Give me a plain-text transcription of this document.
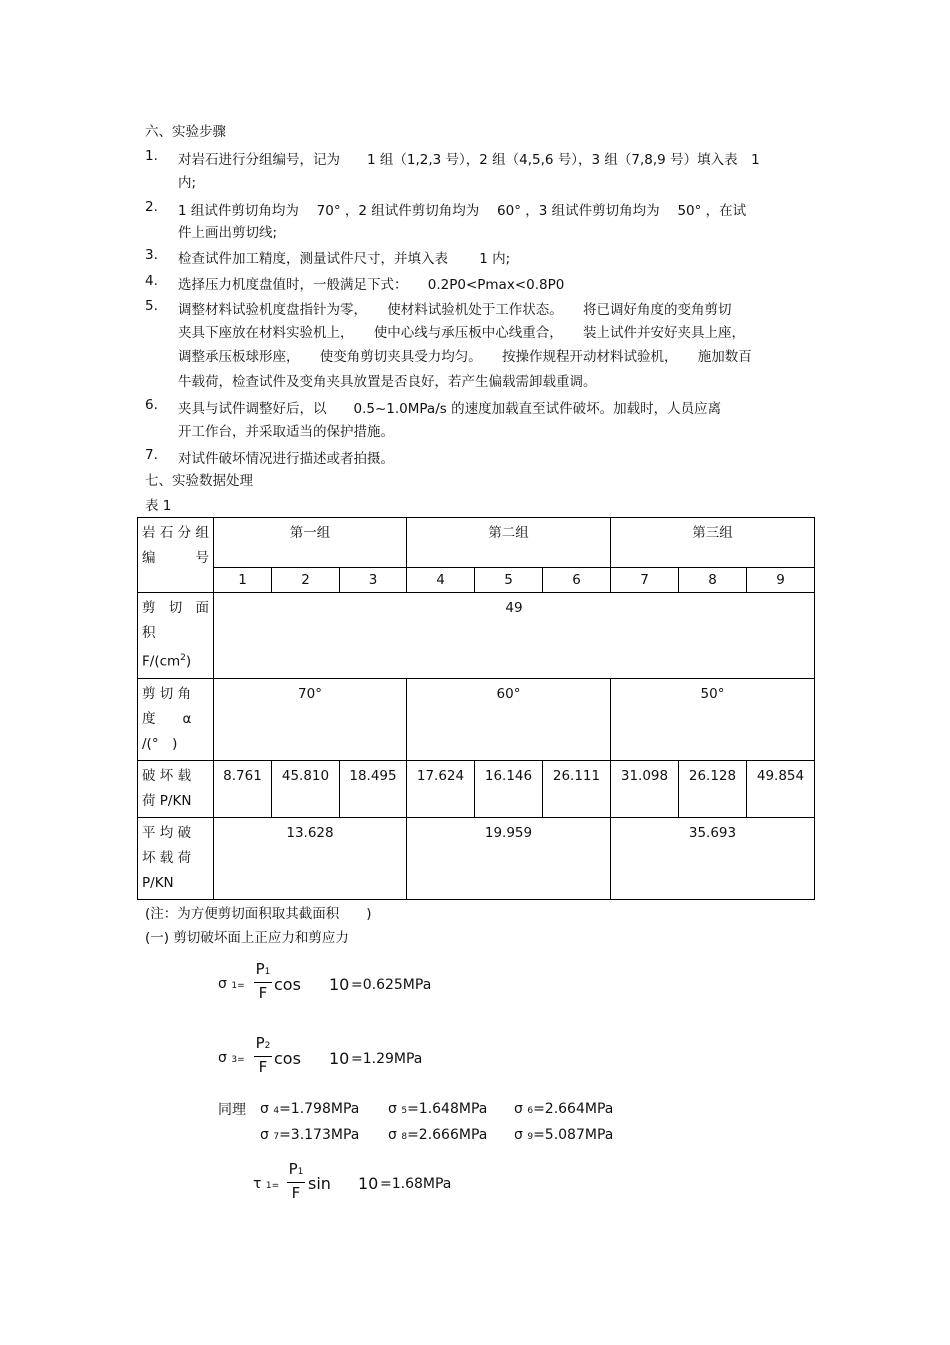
六、实验步骤
1. 对岩石进行分组编号，记为　　1 组（1,2,3 号），2 组（4,5,6 号），3 组（7,8,9 号）填入表　1
内;
2. 1 组试件剪切角均为　 70° ，2 组试件剪切角均为　 60° ，3 组试件剪切角均为　 50° ，在试
件上画出剪切线;
3. 检查试件加工精度，测量试件尺寸，并填入表　　 1 内;
4. 选择压力机度盘值时，一般满足下式：　　0.2P0<Pmax<0.8P0
5. 调整材料试验机度盘指针为零，　　使材料试验机处于工作状态。　　将已调好角度的变角剪切
夹具下座放在材料实验机上，　　使中心线与承压板中心线重合，　　装上试件并安好夹具上座，
调整承压板球形座，　　使变角剪切夹具受力均匀。　　按操作规程开动材料试验机，　　施加数百
牛载荷，检查试件及变角夹具放置是否良好，若产生偏载需卸载重调。
6. 夹具与试件调整好后，以　　0.5~1.0MPa/s 的速度加载直至试件破坏。加载时，人员应离
开工作台，并采取适当的保护措施。
7. 对试件破坏情况进行描述或者拍摄。
七、实验数据处理
表 1
岩 石 分 组编号	第一组			第二组			第三组		
	1	2	3	4	5	6	7	8	9

剪 切 面
积
$F/(cm^2)$	49								

剪 切 角
度　　α
/(°　)	70°			60°			50°		

破 坏 载
荷 P/KN	8.761	45.810	18.495	17.624	16.146	26.111	31.098	26.128	49.854

平 均 破
坏 载 荷
P/KN	13.628			19.959			35.693		
(注：为方便剪切面积取其截面积　　)
(一) 剪切破坏面上正应力和剪应力
σ 1=
P1
F cos 10 =0.625MPa
σ 3=
P2
F cos 10 =1.29MPa
同理 σ 4=1.798MPa σ 5=1.648MPa σ 6=2.664MPa
σ 7=3.173MPa σ 8=2.666MPa σ 9=5.087MPa
τ 1=
P1
F sin 10 =1.68MPa
